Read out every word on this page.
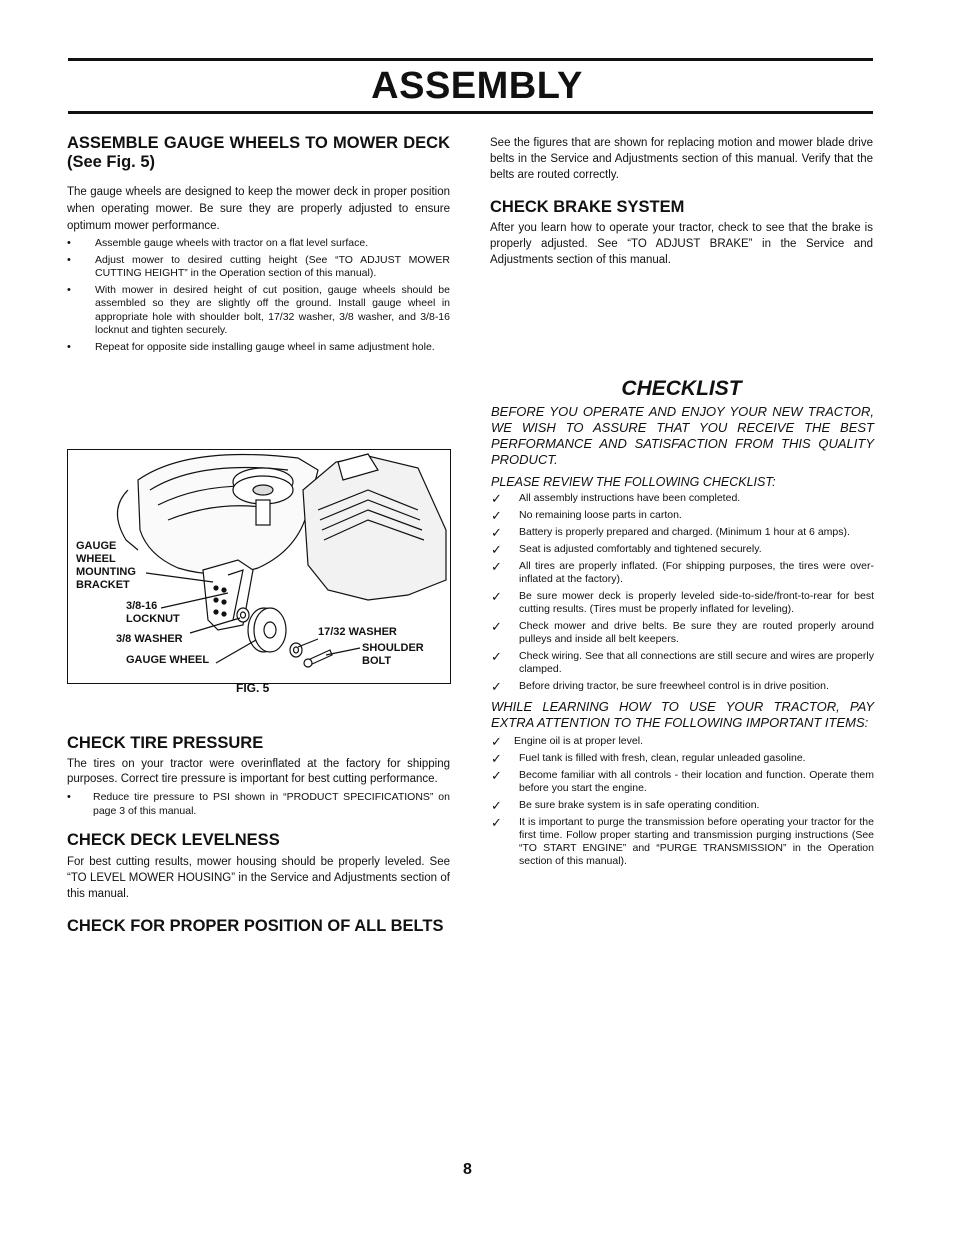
ASSEMBLY
ASSEMBLE GAUGE WHEELS TO MOWER DECK (See Fig. 5)

The gauge wheels are designed to keep the mower deck in proper position when operating mower. Be sure they are properly adjusted to ensure optimum mower performance.

• Assemble gauge wheels with tractor on a flat level surface.
• Adjust mower to desired cutting height (See “TO ADJUST MOWER CUTTING HEIGHT” in the Operation section of this manual).
• With mower in desired height of cut position, gauge wheels should be assembled so they are slightly off the ground. Install gauge wheel in appropriate hole with shoulder bolt, 17/32 washer, 3/8 washer, and 3/8-16 locknut and tighten securely.
• Repeat for opposite side installing gauge wheel in same adjustment hole.
GAUGE WHEEL MOUNTING BRACKET
3/8-16 LOCKNUT
3/8 WASHER
GAUGE WHEEL
17/32 WASHER
SHOULDER BOLT
FIG. 5
CHECK TIRE PRESSURE

The tires on your tractor were overinflated at the factory for shipping purposes. Correct tire pressure is important for best cutting performance.

• Reduce tire pressure to PSI shown in “PRODUCT SPECIFICATIONS” on page 3 of this manual.
CHECK DECK LEVELNESS

For best cutting results, mower housing should be properly leveled. See “TO LEVEL MOWER HOUSING” in the Service and Adjustments section of this manual.

CHECK FOR PROPER POSITION OF ALL BELTS

See the figures that are shown for replacing motion and mower blade drive belts in the Service and Adjustments section of this manual. Verify that the belts are routed correctly.

CHECK BRAKE SYSTEM

After you learn how to operate your tractor, check to see that the brake is properly adjusted. See “TO ADJUST BRAKE” in the Service and Adjustments section of this manual.

CHECKLIST

BEFORE YOU OPERATE AND ENJOY YOUR NEW TRACTOR, WE WISH TO ASSURE THAT YOU RECEIVE THE BEST PERFORMANCE AND SATISFACTION FROM THIS QUALITY PRODUCT.

PLEASE REVIEW THE FOLLOWING CHECKLIST:

✓ All assembly instructions have been completed.
✓ No remaining loose parts in carton.
✓ Battery is properly prepared and charged. (Minimum 1 hour at 6 amps).
✓ Seat is adjusted comfortably and tightened securely.
✓ All tires are properly inflated. (For shipping purposes, the tires were over-inflated at the factory).
✓ Be sure mower deck is properly leveled side-to-side/front-to-rear for best cutting results. (Tires must be properly inflated for leveling).
✓ Check mower and drive belts. Be sure they are routed properly around pulleys and inside all belt keepers.
✓ Check wiring. See that all connections are still secure and wires are properly clamped.
✓ Before driving tractor, be sure freewheel control is in drive position.

WHILE LEARNING HOW TO USE YOUR TRACTOR, PAY EXTRA ATTENTION TO THE FOLLOWING IMPORTANT ITEMS:

✓ Engine oil is at proper level.
✓ Fuel tank is filled with fresh, clean, regular unleaded gasoline.
✓ Become familiar with all controls - their location and function. Operate them before you start the engine.
✓ Be sure brake system is in safe operating condition.
✓ It is important to purge the transmission before operating your tractor for the first time. Follow proper starting and transmission purging instructions (See “TO START ENGINE” and “PURGE TRANSMISSION” in the Operation section of this manual).
8
